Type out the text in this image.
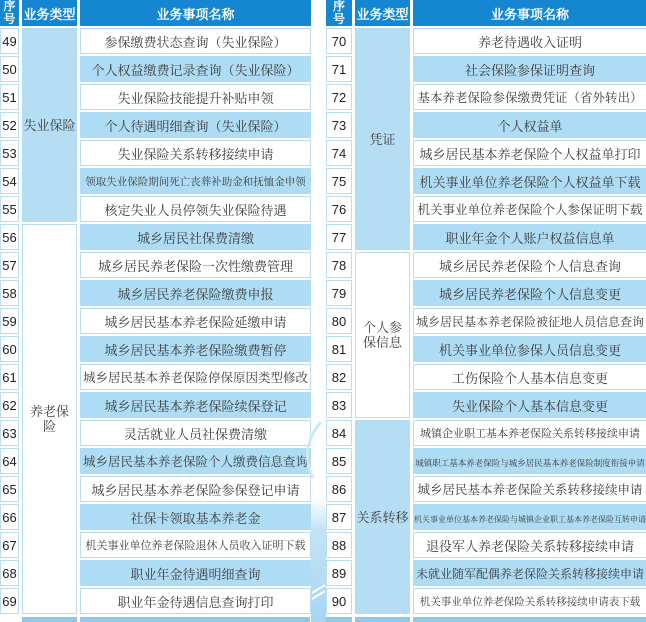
序号	业务类型	业务事项名称
49	失业保险	参保缴费状态查询（失业保险）
50		个人权益缴费记录查询（失业保险）
51		失业保险技能提升补贴申领
52		个人待遇明细查询（失业保险）
53		失业保险关系转移接续申请
54		领取失业保险期间死亡丧葬补助金和抚恤金申领
55		核定失业人员停领失业保险待遇
56	养老保险	城乡居民社保费清缴
57		城乡居民养老保险一次性缴费管理
58		城乡居民养老保险缴费申报
59		城乡居民基本养老保险延缴申请
60		城乡居民基本养老保险缴费暂停
61		城乡居民基本养老保险停保原因类型修改
62		城乡居民基本养老保险续保登记
63		灵活就业人员社保费清缴
64		城乡居民基本养老保险个人缴费信息查询
65		城乡居民基本养老保险参保登记申请
66		社保卡领取基本养老金
67		机关事业单位养老保险退休人员收入证明下载
68		职业年金待遇明细查询
69		职业年金待遇信息查询打印
序号	业务类型	业务事项名称
70	凭证	养老待遇收入证明
71		社会保险参保证明查询
72		基本养老保险参保缴费凭证（省外转出）
73		个人权益单
74		城乡居民基本养老保险个人权益单打印
75		机关事业单位养老保险个人权益单下载
76		机关事业单位养老保险个人参保证明下载
77		职业年金个人账户权益信息单
78	个人参保信息	城乡居民养老保险个人信息查询
79		城乡居民养老保险个人信息变更
80		城乡居民基本养老保险被征地人员信息查询
81		机关事业单位参保人员信息变更
82		工伤保险个人基本信息变更
83		失业保险个人基本信息变更
84	关系转移	城镇企业职工基本养老保险关系转移接续申请
85		城镇职工基本养老保险与城乡居民基本养老保险制度衔接申请
86		城乡居民基本养老保险关系转移接续申请
87		机关事业单位基本养老保险与城镇企业职工基本养老保险互转申请
88		退役军人养老保险关系转移接续申请
89		未就业随军配偶养老保险关系转移接续申请
90		机关事业单位养老保险关系转移接续申请表下载
